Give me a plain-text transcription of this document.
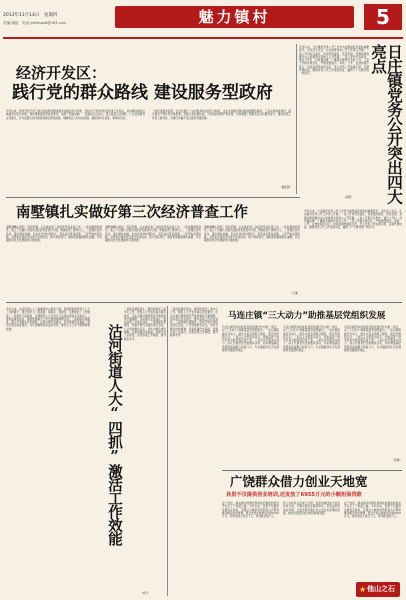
2013年11月14日　星期四
责编:谢振　电话:jntfzbqzb@163.com	魅力镇村	莱西市情	5
经济开发区：
践行党的群众路线 建设服务型政府
今年以来，经济开发区党工委以党的群众路线教育实践活动为契机，坚持以干部作风转变促进工作落实，切实解决群众反映强烈的突出问题，加快推进服务型政府建设，取得了明显成效。一是强化宗旨意识，深入基层走访调研，广泛征求群众意见建议，针对查摆出的问题逐项制定整改措施，明确责任人和完成时限，确保件件有着落、事事有回音。
二是优化服务流程，在全区推行一站式服务和全程代办制度，为企业和群众提供高效便捷的服务。三是完善制度建设，建立健全干部作风长效机制，加强日常监督检查，对发现的问题严肃处理，切实增强干部服务意识和服务能力，推动各项工作再上新台阶，为建设幸福开发区提供坚强保障。
（谢振国）
今年以来，日庄镇把党务公开工作作为加强基层党建的重要抓手，突出四大亮点，扎实推进党务公开工作深入开展。一是公开内容全面化，将党组织建设、党员发展、党费收缴等群众关心的事项全部纳入公开范围；二是公开形式多样化，通过公开栏、村务微信群、广播等多种形式及时公开；三是公开程序规范化，严格按照提出、审核、公开、反馈的程序进行；四是监督机制常态化，设立党务公开监督小组，定期开展检查，确保党务公开工作落到实处，赢得了广大群众的一致好评。	日庄镇党务公开突出四大亮点
（孙霞）
南墅镇扎实做好第三次经济普查工作
南墅镇精心组织、周密部署，扎实做好第三次经济普查各项工作。一是加强组织领导，成立了以镇长为组长的经济普查领导小组，明确各部门职责分工；二是强化宣传发动，通过悬挂条幅、发放宣传材料等形式，营造良好普查氛围；三是严格质量控制，对普查员和指导员进行系统培训，逐户清查登记，确保普查数据真实准确，为全镇经济社会发展提供可靠依据。
南墅镇精心组织、周密部署，扎实做好第三次经济普查各项工作。一是加强组织领导，成立了以镇长为组长的经济普查领导小组，明确各部门职责分工；二是强化宣传发动，通过悬挂条幅、发放宣传材料等形式，营造良好普查氛围；三是严格质量控制，对普查员和指导员进行系统培训，逐户清查登记，确保普查数据真实准确，为全镇经济社会发展提供可靠依据。
南墅镇精心组织、周密部署，扎实做好第三次经济普查各项工作。一是加强组织领导，成立了以镇长为组长的经济普查领导小组，明确各部门职责分工；二是强化宣传发动，通过悬挂条幅、发放宣传材料等形式，营造良好普查氛围；三是严格质量控制，对普查员和指导员进行系统培训，逐户清查登记，确保普查数据真实准确，为全镇经济社会发展提供可靠依据。
（王琳）
今年以来，日庄镇把党务公开工作作为加强基层党建的重要抓手，突出四大亮点，扎实推进党务公开工作深入开展。一是公开内容全面化，将党组织建设、党员发展、党费收缴等群众关心的事项全部纳入公开范围；二是公开形式多样化，通过公开栏、村务微信群、广播等多种形式及时公开；三是公开程序规范化，严格按照提出、审核、公开、反馈的程序进行；四是监督机制常态化，设立党务公开监督小组，定期开展检查，确保党务公开工作落到实处，赢得了广大群众的一致好评。
今年以来，沽河街道人大工委围绕中心服务大局，积极探索新形势下人大工作新路子，通过抓学习、抓监督、抓联系、抓建设，有效激活了工作效能。一是抓学习提素质，定期组织人大代表学习法律法规和业务知识；二是抓监督促落实，围绕街道重点工作开展视察调研活动；三是抓联系强服务，建立代表联系选民制度，认真办理代表建议；四是抓建设夯基础，规范代表活动室建设，为代表履职创造良好条件，推动人大工作不断取得新成效。	沽河街道人大“四抓”激活工作效能
二是抓监督促落实，围绕街道党工委中心工作，组织人大代表对重点项目建设、民生实事办理等情况开展视察和专题调研，及时提出意见建议，推动各项工作落实到位。三是抓联系强服务，积极开展代表接待选民活动，广泛听取群众意见，切实为群众排忧解难。四是抓建设夯基础，加强代表之家建设，完善各项工作制度，提升服务水平。
（刘芳）
二是抓监督促落实，围绕街道党工委中心工作，组织人大代表对重点项目建设、民生实事办理等情况开展视察和专题调研，及时提出意见建议，推动各项工作落实到位。三是抓联系强服务，积极开展代表接待选民活动，广泛听取群众意见，切实为群众排忧解难。四是抓建设夯基础，加强代表之家建设，完善各项工作制度，提升服务水平。
马连庄镇“三大动力”助推基层党组织发展
马连庄镇坚持把基层党组织建设作为第一责任，以“三大动力”助推基层党组织建设。一是以制度建设为动力，健全完善各项规章制度，规范党组织运行；二是以人才培养为动力，选拔培养一批年轻有为的村级后备干部；三是以为民服务为动力，深入开展党员志愿服务活动，切实增强基层党组织的凝聚力和战斗力，为全镇经济社会发展提供坚强组织保证。
马连庄镇坚持把基层党组织建设作为第一责任，以“三大动力”助推基层党组织建设。一是以制度建设为动力，健全完善各项规章制度，规范党组织运行；二是以人才培养为动力，选拔培养一批年轻有为的村级后备干部；三是以为民服务为动力，深入开展党员志愿服务活动，切实增强基层党组织的凝聚力和战斗力，为全镇经济社会发展提供坚强组织保证。
马连庄镇坚持把基层党组织建设作为第一责任，以“三大动力”助推基层党组织建设。一是以制度建设为动力，健全完善各项规章制度，规范党组织运行；二是以人才培养为动力，选拔培养一批年轻有为的村级后备干部；三是以为民服务为动力，深入开展党员志愿服务活动，切实增强基层党组织的凝聚力和战斗力，为全镇经济社会发展提供坚强组织保证。
（陈晓）
广饶群众借力创业天地宽
县里不仅提供创业培训,还发放了6955万元的小额担保贷款
在广饶县，越来越多的群众借助政府提供的创业平台走上了致富之路。今年以来，县里不仅提供免费创业培训，还通过小额担保贷款等方式帮助群众解决资金难题，累计发放小额担保贷款6955万元，扶持创业人员近千人，带动就业数千人。
县人社局有关负责人介绍，县里将继续加大创业扶持力度，不断完善创业服务体系，营造良好的创业环境，让更多群众通过自主创业实现增收致富，推动全县经济社会持续健康发展。
在广饶县，越来越多的群众借助政府提供的创业平台走上了致富之路。今年以来，县里不仅提供免费创业培训，还通过小额担保贷款等方式帮助群众解决资金难题，累计发放小额担保贷款6955万元，扶持创业人员近千人，带动就业数千人。
★ 他山之石
